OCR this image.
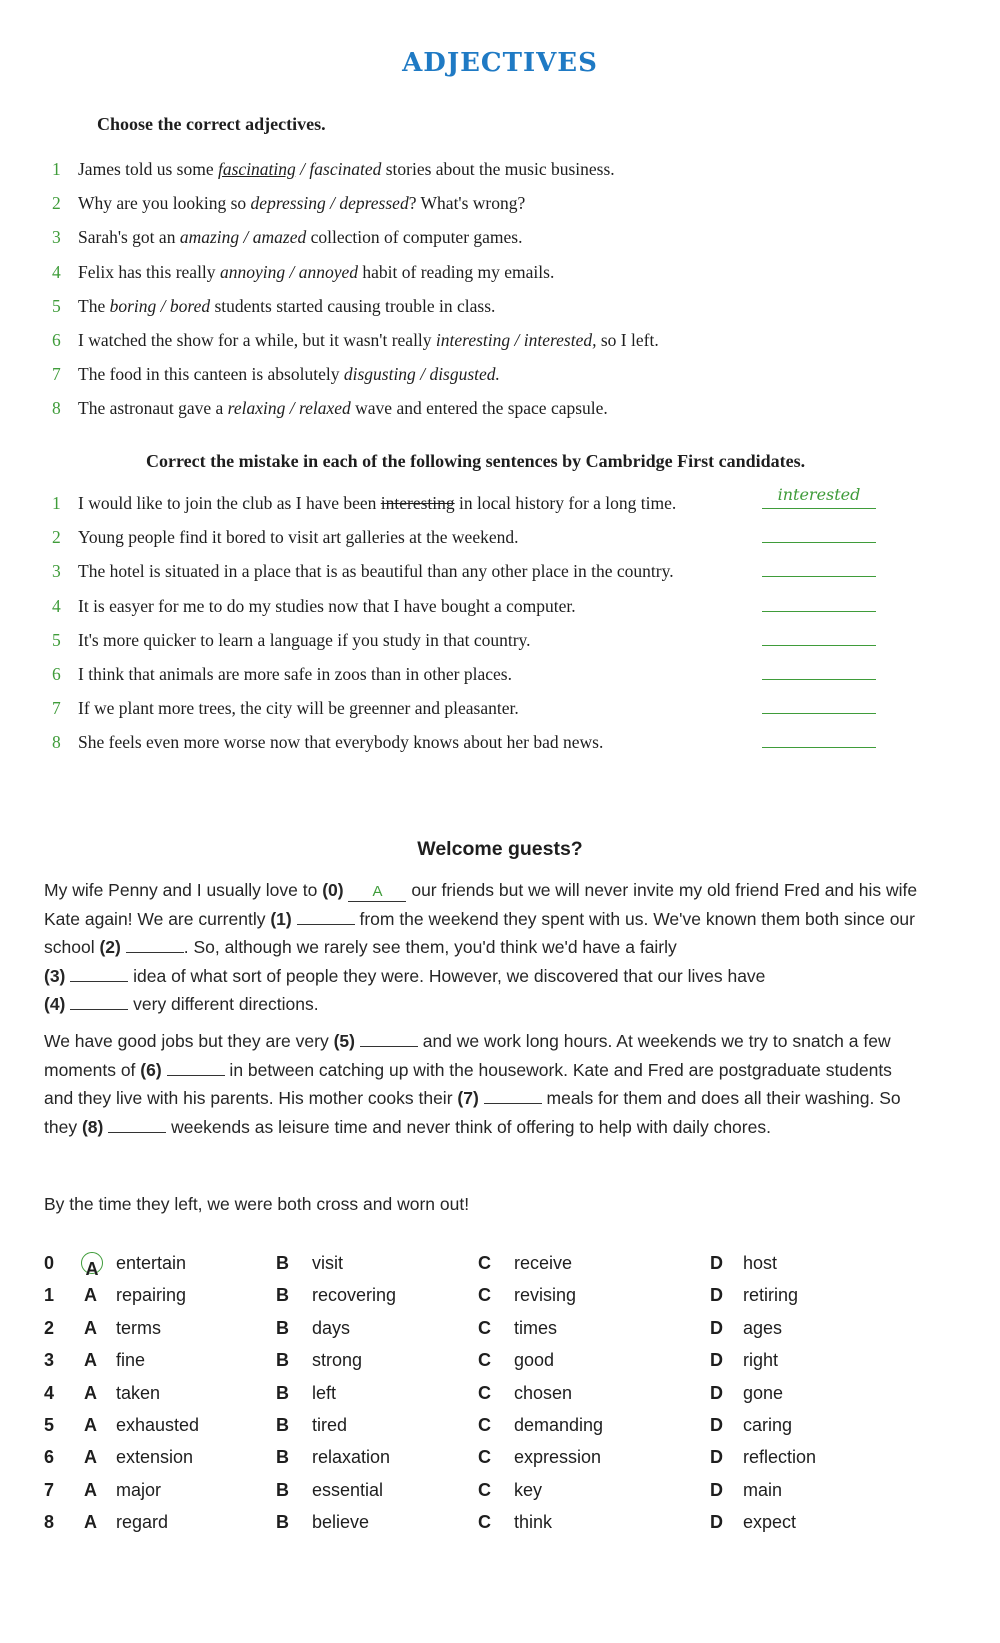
ADJECTIVES
Choose the correct adjectives.
1 James told us some fascinating / fascinated stories about the music business.
2 Why are you looking so depressing / depressed? What's wrong?
3 Sarah's got an amazing / amazed collection of computer games.
4 Felix has this really annoying / annoyed habit of reading my emails.
5 The boring / bored students started causing trouble in class.
6 I watched the show for a while, but it wasn't really interesting / interested, so I left.
7 The food in this canteen is absolutely disgusting / disgusted.
8 The astronaut gave a relaxing / relaxed wave and entered the space capsule.
Correct the mistake in each of the following sentences by Cambridge First candidates.
1 I would like to join the club as I have been interesting in local history for a long time.	interested
2 Young people find it bored to visit art galleries at the weekend.
3 The hotel is situated in a place that is as beautiful than any other place in the country.
4 It is easyer for me to do my studies now that I have bought a computer.
5 It's more quicker to learn a language if you study in that country.
6 I think that animals are more safe in zoos than in other places.
7 If we plant more trees, the city will be greenner and pleasanter.
8 She feels even more worse now that everybody knows about her bad news.
Welcome guests?
My wife Penny and I usually love to (0) A our friends but we will never invite my old friend Fred and his wife Kate again! We are currently (1)	from the weekend they spent with us. We've known them both since our school (2)	. So, although we rarely see them, you'd think we'd have a fairly
(3)	idea of what sort of people they were. However, we discovered that our lives have
(4)	very different directions.
We have good jobs but they are very (5)	and we work long hours. At weekends we try to snatch a few moments of (6)	in between catching up with the housework. Kate and Fred are postgraduate students and they live with his parents. His mother cooks their (7)	meals for them and does all their washing. So they (8)	weekends as leisure time and never think of offering to help with daily chores.
By the time they left, we were both cross and worn out!
0 A entertain	B visit	C receive	D host
1 A repairing	B recovering	C revising	D retiring
2 A terms	B days	C times	D ages
3 A fine	B strong	C good	D right
4 A taken	B left	C chosen	D gone
5 A exhausted	B tired	C demanding	D caring
6 A extension	B relaxation	C expression	D reflection
7 A major	B essential	C key	D main
8 A regard	B believe	C think	D expect
